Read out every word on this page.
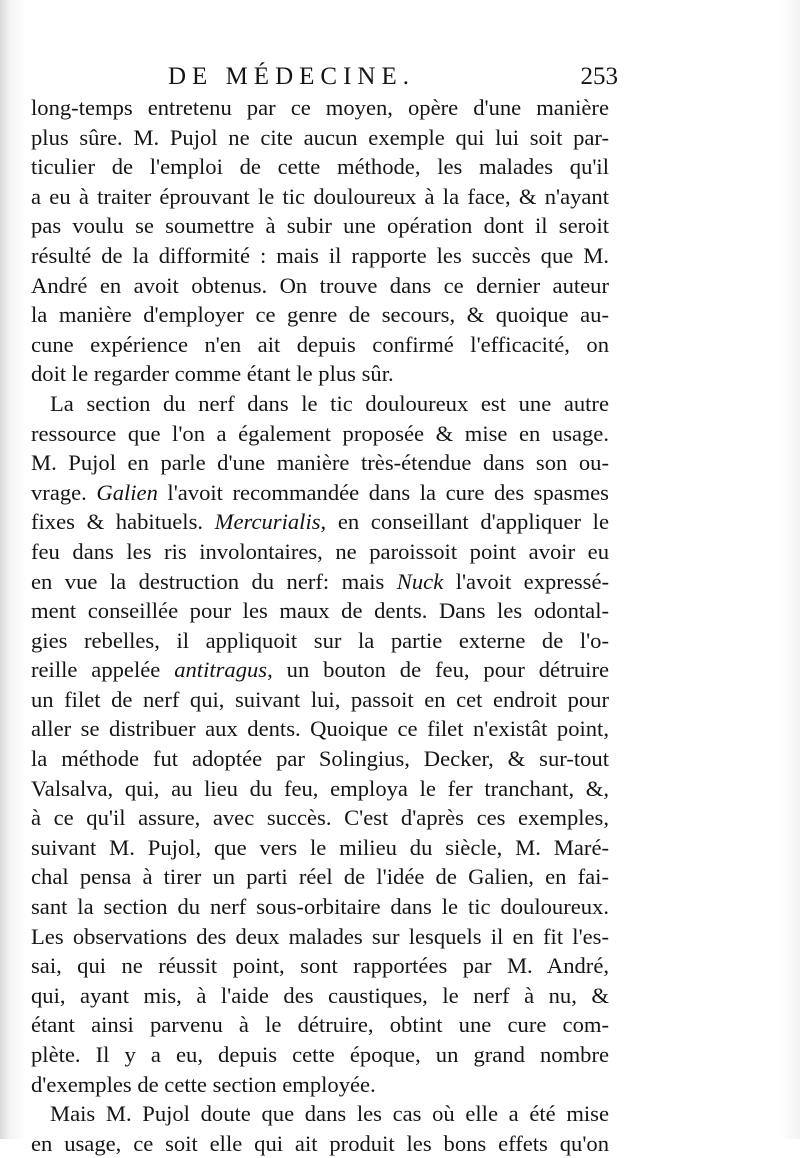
DE MÉDECINE.	253
long-temps entretenu par ce moyen, opère d'une manière
plus sûre. M. Pujol ne cite aucun exemple qui lui soit par-
ticulier de l'emploi de cette méthode, les malades qu'il
a eu à traiter éprouvant le tic douloureux à la face, & n'ayant
pas voulu se soumettre à subir une opération dont il seroit
résulté de la difformité : mais il rapporte les succès que M.
André en avoit obtenus. On trouve dans ce dernier auteur
la manière d'employer ce genre de secours, & quoique au-
cune expérience n'en ait depuis confirmé l'efficacité, on
doit le regarder comme étant le plus sûr.
La section du nerf dans le tic douloureux est une autre
ressource que l'on a également proposée & mise en usage.
M. Pujol en parle d'une manière très-étendue dans son ou-
vrage. Galien l'avoit recommandée dans la cure des spasmes
fixes & habituels. Mercurialis, en conseillant d'appliquer le
feu dans les ris involontaires, ne paroissoit point avoir eu
en vue la destruction du nerf: mais Nuck l'avoit expressé-
ment conseillée pour les maux de dents. Dans les odontal-
gies rebelles, il appliquoit sur la partie externe de l'o-
reille appelée antitragus, un bouton de feu, pour détruire
un filet de nerf qui, suivant lui, passoit en cet endroit pour
aller se distribuer aux dents. Quoique ce filet n'existât point,
la méthode fut adoptée par Solingius, Decker, & sur-tout
Valsalva, qui, au lieu du feu, employa le fer tranchant, &,
à ce qu'il assure, avec succès. C'est d'après ces exemples,
suivant M. Pujol, que vers le milieu du siècle, M. Maré-
chal pensa à tirer un parti réel de l'idée de Galien, en fai-
sant la section du nerf sous-orbitaire dans le tic douloureux.
Les observations des deux malades sur lesquels il en fit l'es-
sai, qui ne réussit point, sont rapportées par M. André,
qui, ayant mis, à l'aide des caustiques, le nerf à nu, &
étant ainsi parvenu à le détruire, obtint une cure com-
plète. Il y a eu, depuis cette époque, un grand nombre
d'exemples de cette section employée.
Mais M. Pujol doute que dans les cas où elle a été mise
en usage, ce soit elle qui ait produit les bons effets qu'on
